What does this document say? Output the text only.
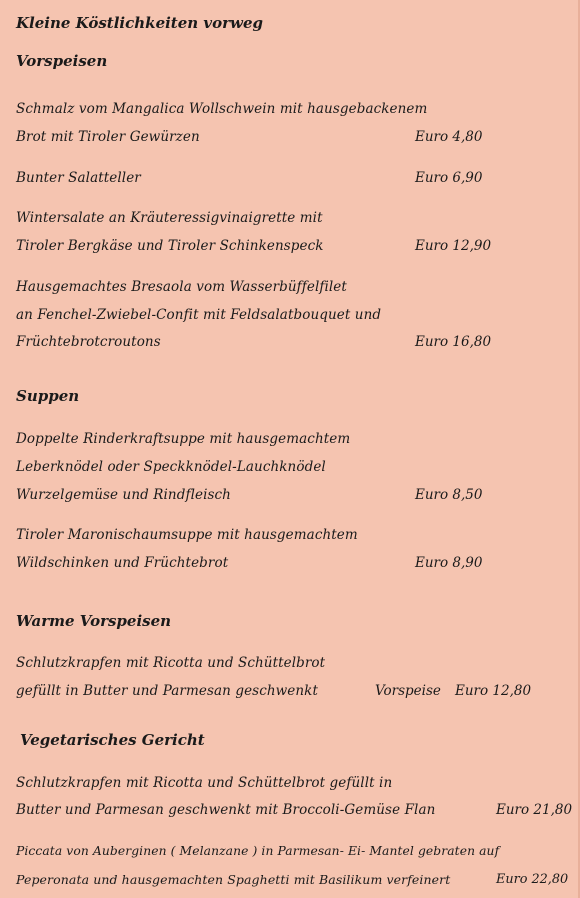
Kleine Köstlichkeiten vorweg
Vorspeisen
Schmalz vom Mangalica Wollschwein mit hausgebackenem
Brot mit Tiroler Gewürzen	Euro 4,80
Bunter Salatteller	Euro 6,90
Wintersalate an Kräuteressigvinaigrette mit
Tiroler Bergkäse und Tiroler Schinkenspeck	Euro 12,90
Hausgemachtes Bresaola vom Wasserbüffelfilet
an Fenchel-Zwiebel-Confit mit Feldsalatbouquet und
Früchtebrotcroutons	Euro 16,80
Suppen
Doppelte Rinderkraftsuppe mit hausgemachtem
Leberknödel oder Speckknödel-Lauchknödel
Wurzelgemüse und Rindfleisch	Euro 8,50
Tiroler Maronischaumsuppe mit hausgemachtem
Wildschinken und Früchtebrot	Euro 8,90
Warme Vorspeisen
Schlutzkrapfen mit Ricotta und Schüttelbrot
gefüllt in Butter und Parmesan geschwenkt	Vorspeise Euro 12,80
Vegetarisches Gericht
Schlutzkrapfen mit Ricotta und Schüttelbrot gefüllt in
Butter und Parmesan geschwenkt mit Broccoli-Gemüse Flan	Euro 21,80
Piccata von Auberginen ( Melanzane ) in Parmesan- Ei- Mantel gebraten auf
Peperonata und hausgemachten Spaghetti mit Basilikum verfeinert	Euro 22,80
